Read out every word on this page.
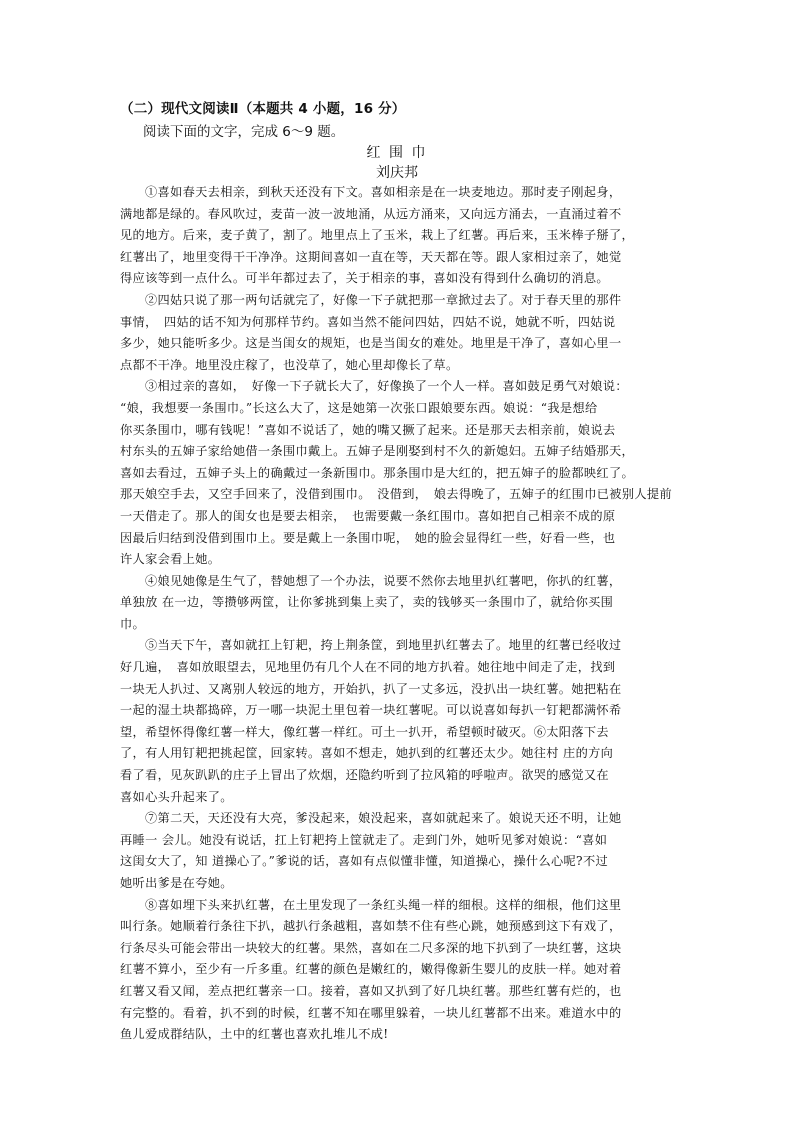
（二）现代文阅读Ⅱ（本题共 4 小题，16 分）
阅读下面的文字，完成 6～9 题。
红 围 巾
刘庆邦
①喜如春天去相亲，到秋天还没有下文。喜如相亲是在一块麦地边。那时麦子刚起身，
满地都是绿的。春风吹过，麦苗一波一波地涌，从远方涌来，又向远方涌去，一直涌过着不
见的地方。后来，麦子黄了，割了。地里点上了玉米，栽上了红薯。再后来，玉米棒子掰了，
红薯出了，地里变得干干净净。这期间喜如一直在等，天天都在等。跟人家相过亲了，她觉
得应该等到一点什么。可半年都过去了，关于相亲的事，喜如没有得到什么确切的消息。
②四姑只说了那一两句话就完了，好像一下子就把那一章掀过去了。对于春天里的那件
事情，　四姑的话不知为何那样节约。喜如当然不能问四姑，四姑不说，她就不听，四姑说
多少，她只能听多少。这是当闺女的规矩，也是当闺女的难处。地里是干净了，喜如心里一
点都不干净。地里没庄稼了，也没草了，她心里却像长了草。
③相过亲的喜如，　好像一下子就长大了，好像换了一个人一样。喜如鼓足勇气对娘说：
“娘，我想要一条围巾。”长这么大了，这是她第一次张口跟娘要东西。娘说：“我是想给
你买条围巾，哪有钱呢！”喜如不说话了，她的嘴又撅了起来。还是那天去相亲前，娘说去
村东头的五婶子家给她借一条围巾戴上。五婶子是刚娶到村不久的新媳妇。五婶子结婚那天，
喜如去看过，五婶子头上的确戴过一条新围巾。那条围巾是大红的，把五婶子的脸都映红了。
那天娘空手去，又空手回来了，没借到围巾。　没借到，　娘去得晚了，五婶子的红围巾已被别人提前
一天借走了。那人的闺女也是要去相亲，　也需要戴一条红围巾。喜如把自己相亲不成的原
因最后归结到没借到围巾上。要是戴上一条围巾呢，　她的脸会显得红一些，好看一些，也
许人家会看上她。
④娘见她像是生气了，替她想了一个办法，说要不然你去地里扒红薯吧，你扒的红薯，
单独放 在一边，等攒够两筐，让你爹挑到集上卖了，卖的钱够买一条围巾了，就给你买围
巾。
⑤当天下午，喜如就扛上钉耙，挎上荆条筐，到地里扒红薯去了。地里的红薯已经收过
好几遍，　喜如放眼望去，见地里仍有几个人在不同的地方扒着。她往地中间走了走，找到
一块无人扒过、又离别人较远的地方，开始扒，扒了一丈多远，没扒出一块红薯。她把粘在
一起的湿土块都捣碎，万一哪一块泥土里包着一块红薯呢。可以说喜如每扒一钉耙都满怀希
望，希望怀得像红薯一样大，像红薯一样红。可土一扒开，希望顿时破灭。⑥太阳落下去
了，有人用钉耙把挑起筐，回家转。喜如不想走，她扒到的红薯还太少。她往村 庄的方向
看了看，见灰趴趴的庄子上冒出了炊烟，还隐约听到了拉风箱的呼啦声。欲哭的感觉又在
喜如心头升起来了。
⑦第二天，天还没有大亮，爹没起来，娘没起来，喜如就起来了。娘说天还不明，让她
再睡一 会儿。她没有说话，扛上钉耙挎上筐就走了。走到门外，她听见爹对娘说：“喜如
这闺女大了，知 道操心了。”爹说的话，喜如有点似懂非懂，知道操心，操什么心呢?不过
她听出爹是在夸她。
⑧喜如埋下头来扒红薯，在土里发现了一条红头绳一样的细根。这样的细根，他们这里
叫行条。她顺着行条往下扒，越扒行条越粗，喜如禁不住有些心跳，她预感到这下有戏了，
行条尽头可能会带出一块较大的红薯。果然，喜如在二尺多深的地下扒到了一块红薯，这块
红薯不算小，至少有一斤多重。红薯的颜色是嫩红的，嫩得像新生婴儿的皮肤一样。她对着
红薯又看又闻，差点把红薯亲一口。接着，喜如又扒到了好几块红薯。那些红薯有烂的，也
有完整的。看着，扒不到的时候，红薯不知在哪里躲着，一块儿红薯都不出来。难道水中的
鱼儿爱成群结队，土中的红薯也喜欢扎堆儿不成!
